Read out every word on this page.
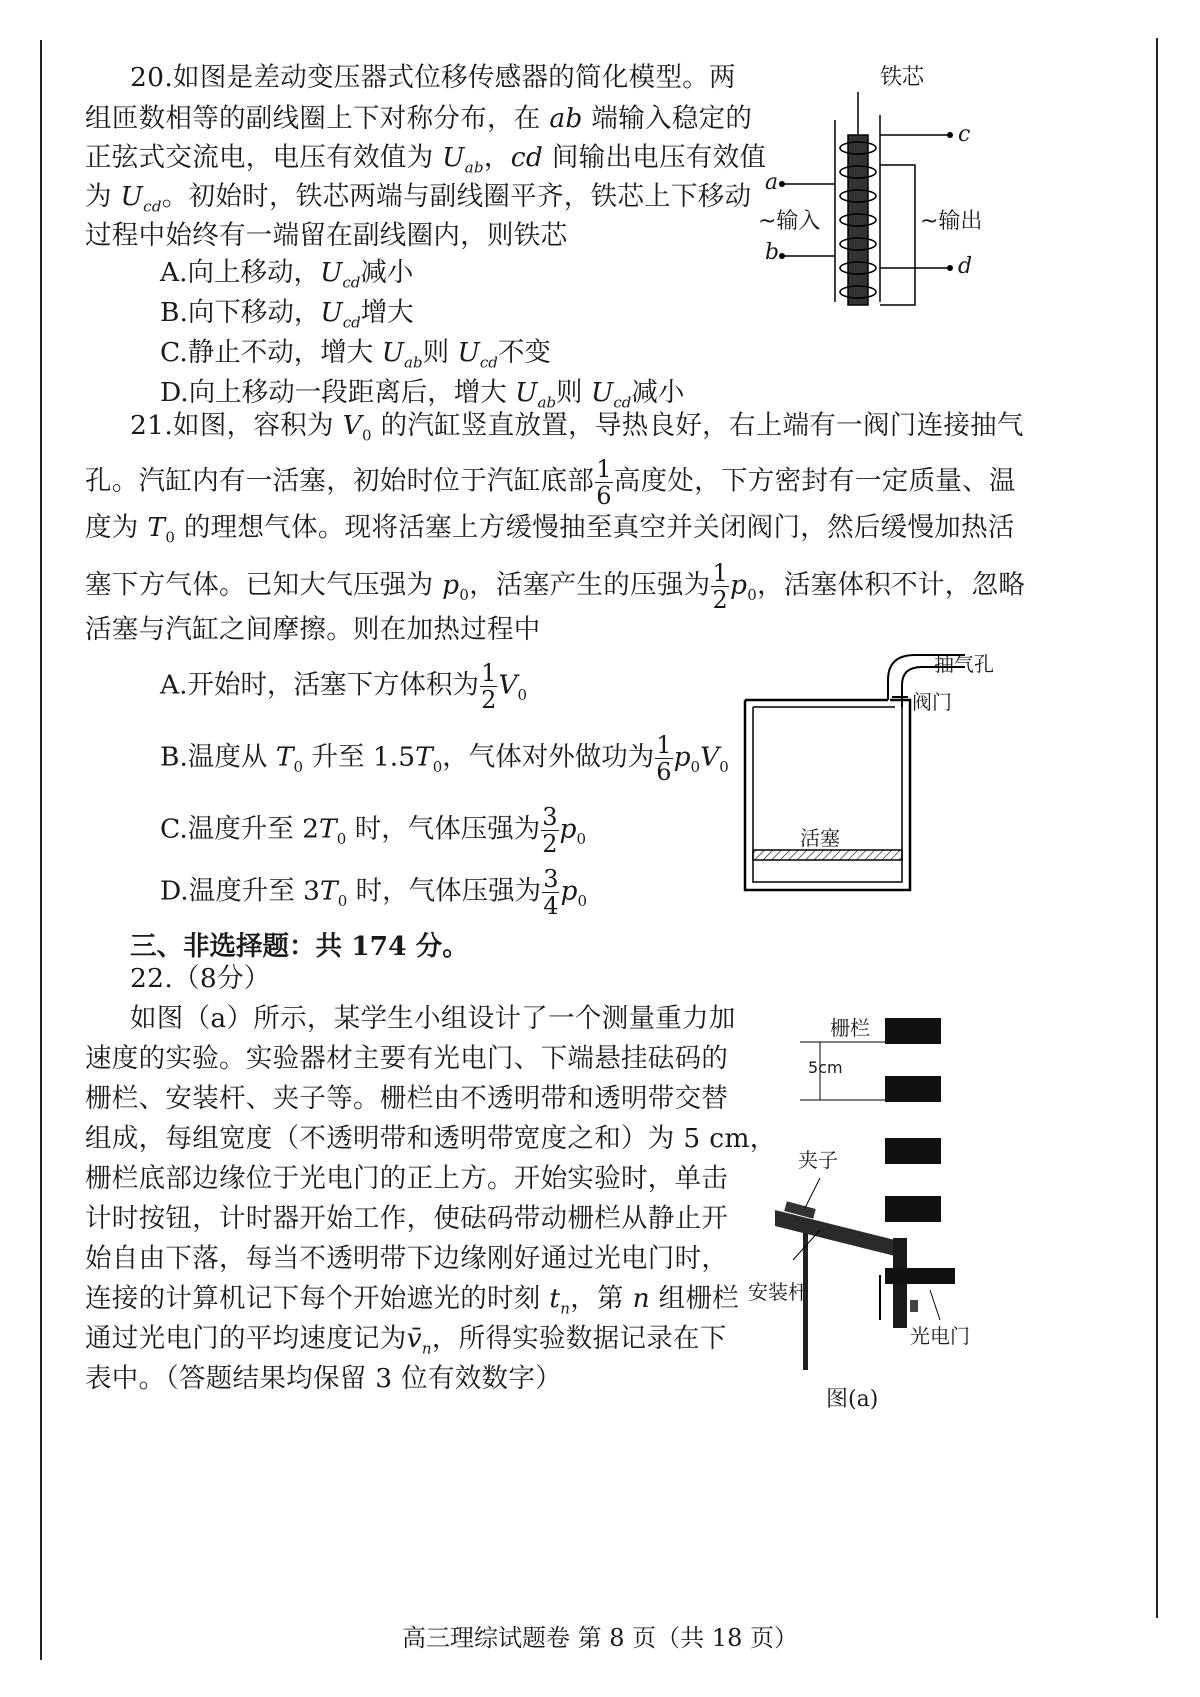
20.如图是差动变压器式位移传感器的简化模型。两
组匝数相等的副线圈上下对称分布，在 ab 端输入稳定的
正弦式交流电，电压有效值为 $U_{ab}$，cd 间输出电压有效值
为 $U_{cd}$。初始时，铁芯两端与副线圈平齐，铁芯上下移动
过程中始终有一端留在副线圈内，则铁芯
A.向上移动，$U_{cd}$减小
B.向下移动，$U_{cd}$增大
C.静止不动，增大 $U_{ab}$则 $U_{cd}$不变
D.向上移动一段距离后，增大 $U_{ab}$则 $U_{cd}$减小
铁芯
c
d
a
b
~输入	~输出
21.如图，容积为 $V_0$ 的汽缸竖直放置，导热良好，右上端有一阀门连接抽气
孔。汽缸内有一活塞，初始时位于汽缸底部 $\frac{1}{6}$ 高度处，下方密封有一定质量、温
度为 $T_0$ 的理想气体。现将活塞上方缓慢抽至真空并关闭阀门，然后缓慢加热活
塞下方气体。已知大气压强为 $p_0$，活塞产生的压强为 $\frac{1}{2} p_0$，活塞体积不计，忽略
活塞与汽缸之间摩擦。则在加热过程中
A.开始时，活塞下方体积为 $\frac{1}{2} V_0$
B.温度从 $T_0$ 升至 $1.5T_0$，气体对外做功为 $\frac{1}{6} p_0V_0$
C.温度升至 $2T_0$ 时，气体压强为 $\frac{3}{2} p_0$
D.温度升至 $3T_0$ 时，气体压强为 $\frac{3}{4} p_0$
抽气孔
阀门
活塞
三、非选择题：共 174 分。
22.（8分）
如图（a）所示，某学生小组设计了一个测量重力加
速度的实验。实验器材主要有光电门、下端悬挂砝码的
栅栏、安装杆、夹子等。栅栏由不透明带和透明带交替
组成，每组宽度（不透明带和透明带宽度之和）为 5 cm，
栅栏底部边缘位于光电门的正上方。开始实验时，单击
计时按钮，计时器开始工作，使砝码带动栅栏从静止开
始自由下落，每当不透明带下边缘刚好通过光电门时，
连接的计算机记下每个开始遮光的时刻 $t_n$，第 n 组栅栏
通过光电门的平均速度记为$v̄_n$，所得实验数据记录在下
表中。（答题结果均保留 3 位有效数字）
栅栏
5cm
夹子
安装杆
光电门
图(a)
高三理综试题卷 第 8 页（共 18 页）
